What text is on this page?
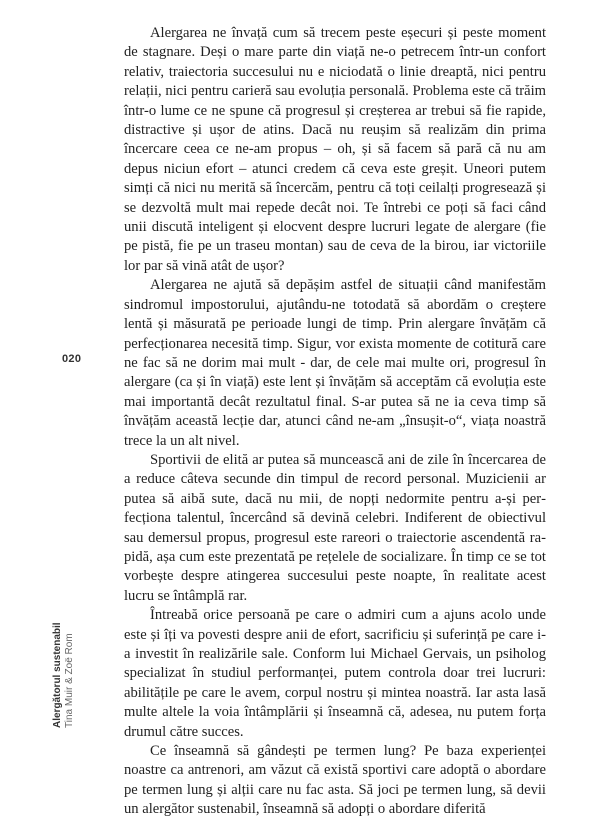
020
Alergătorul sustenabil Tina Muir & Zoë Rom

Alergarea ne învață cum să trecem peste eșecuri și peste moment de stagnare. Deși o mare parte din viață ne-o petrecem într-un confort relativ, traiectoria succesului nu e niciodată o linie dreaptă, nici pentru relații, nici pentru carieră sau evoluția personală. Problema este că trăim într-o lume ce ne spune că progresul și creșterea ar trebui să fie rapide, distractive și ușor de atins. Dacă nu reușim să realizăm din prima încercare ceea ce ne-am propus – oh, și să facem să pară că nu am depus niciun efort – atunci credem că ceva este greșit. Uneori putem simți că nici nu merită să încercăm, pentru că toți ceilalți progresează și se dezvoltă mult mai repede decât noi. Te întrebi ce poți să faci când unii discută inteligent și elocvent despre lucruri legate de alergare (fie pe pistă, fie pe un traseu montan) sau de ceva de la birou, iar victoriile lor par să vină atât de ușor?

Alergarea ne ajută să depășim astfel de situații când manifestăm sindromul impostorului, ajutându-ne totodată să abordăm o creștere lentă și măsurată pe perioade lungi de timp. Prin alergare învățăm că perfecționarea necesită timp. Sigur, vor exista momente de cotitură care ne fac să ne dorim mai mult - dar, de cele mai multe ori, progresul în alergare (ca și în viață) este lent și învățăm să acceptăm că evoluția este mai importantă decât rezultatul final. S-ar putea să ne ia ceva timp să învățăm această lecție dar, atunci când ne-am „însușit-o“, viața noastră trece la un alt nivel.

Sportivii de elită ar putea să muncească ani de zile în încercarea de a reduce câteva secunde din timpul de record personal. Muzicienii ar putea să aibă sute, dacă nu mii, de nopți nedormite pentru a-și perfecționa talentul, încercând să devină celebri. Indiferent de obiectivul sau demersul propus, progresul este rareori o traiectorie ascendentă rapidă, așa cum este prezentată pe rețelele de socializare. În timp ce se tot vorbește despre atingerea succesului peste noapte, în realitate acest lucru se întâmplă rar.

Întreabă orice persoană pe care o admiri cum a ajuns acolo unde este și îți va povesti despre anii de efort, sacrificiu și suferință pe care i-a investit în realizările sale. Conform lui Michael Gervais, un psiholog specializat în studiul performanței, putem controla doar trei lucruri: abilitățile pe care le avem, corpul nostru și mintea noastră. Iar asta lasă multe altele la voia întâmplării și înseamnă că, adesea, nu putem forța drumul către succes.

Ce înseamnă să gândești pe termen lung? Pe baza experienței noastre ca antrenori, am văzut că există sportivi care adoptă o abordare pe termen lung și alții care nu fac asta. Să joci pe termen lung, să devii un alergător sustenabil, înseamnă să adopți o abordare diferită
